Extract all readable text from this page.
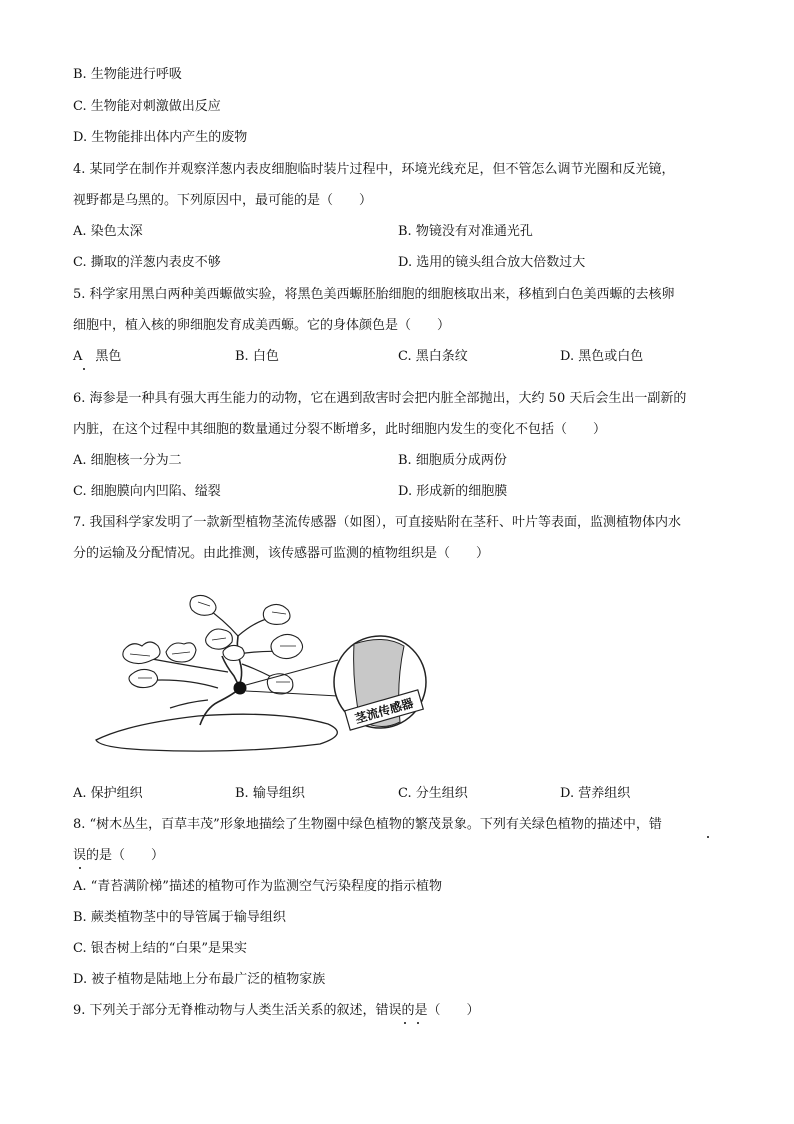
B. 生物能进行呼吸
C. 生物能对刺激做出反应
D. 生物能排出体内产生的废物
4. 某同学在制作并观察洋葱内表皮细胞临时装片过程中，环境光线充足，但不管怎么调节光圈和反光镜，
视野都是乌黑的。下列原因中，最可能的是（　　）
A. 染色太深	B. 物镜没有对准通光孔
C. 撕取的洋葱内表皮不够	D. 选用的镜头组合放大倍数过大
5. 科学家用黑白两种美西螈做实验，将黑色美西螈胚胎细胞的细胞核取出来，移植到白色美西螈的去核卵
细胞中，植入核的卵细胞发育成美西螈。它的身体颜色是（　　）
A　黑色	B. 白色	C. 黑白条纹	D. 黑色或白色
6. 海参是一种具有强大再生能力的动物，它在遇到敌害时会把内脏全部抛出，大约 50 天后会生出一副新的
内脏，在这个过程中其细胞的数量通过分裂不断增多，此时细胞内发生的变化不包括（　　）
A. 细胞核一分为二	B. 细胞质分成两份
C. 细胞膜向内凹陷、缢裂	D. 形成新的细胞膜
7. 我国科学家发明了一款新型植物茎流传感器（如图），可直接贴附在茎秆、叶片等表面，监测植物体内水
分的运输及分配情况。由此推测，该传感器可监测的植物组织是（　　）
茎流传感器
A. 保护组织	B. 输导组织	C. 分生组织	D. 营养组织
8. “树木丛生，百草丰茂”形象地描绘了生物圈中绿色植物的繁茂景象。下列有关绿色植物的描述中，错
误的是（　　）
A. “青苔满阶梯”描述的植物可作为监测空气污染程度的指示植物
B. 蕨类植物茎中的导管属于输导组织
C. 银杏树上结的“白果”是果实
D. 被子植物是陆地上分布最广泛的植物家族
9. 下列关于部分无脊椎动物与人类生活关系的叙述，错误的是（　　）
